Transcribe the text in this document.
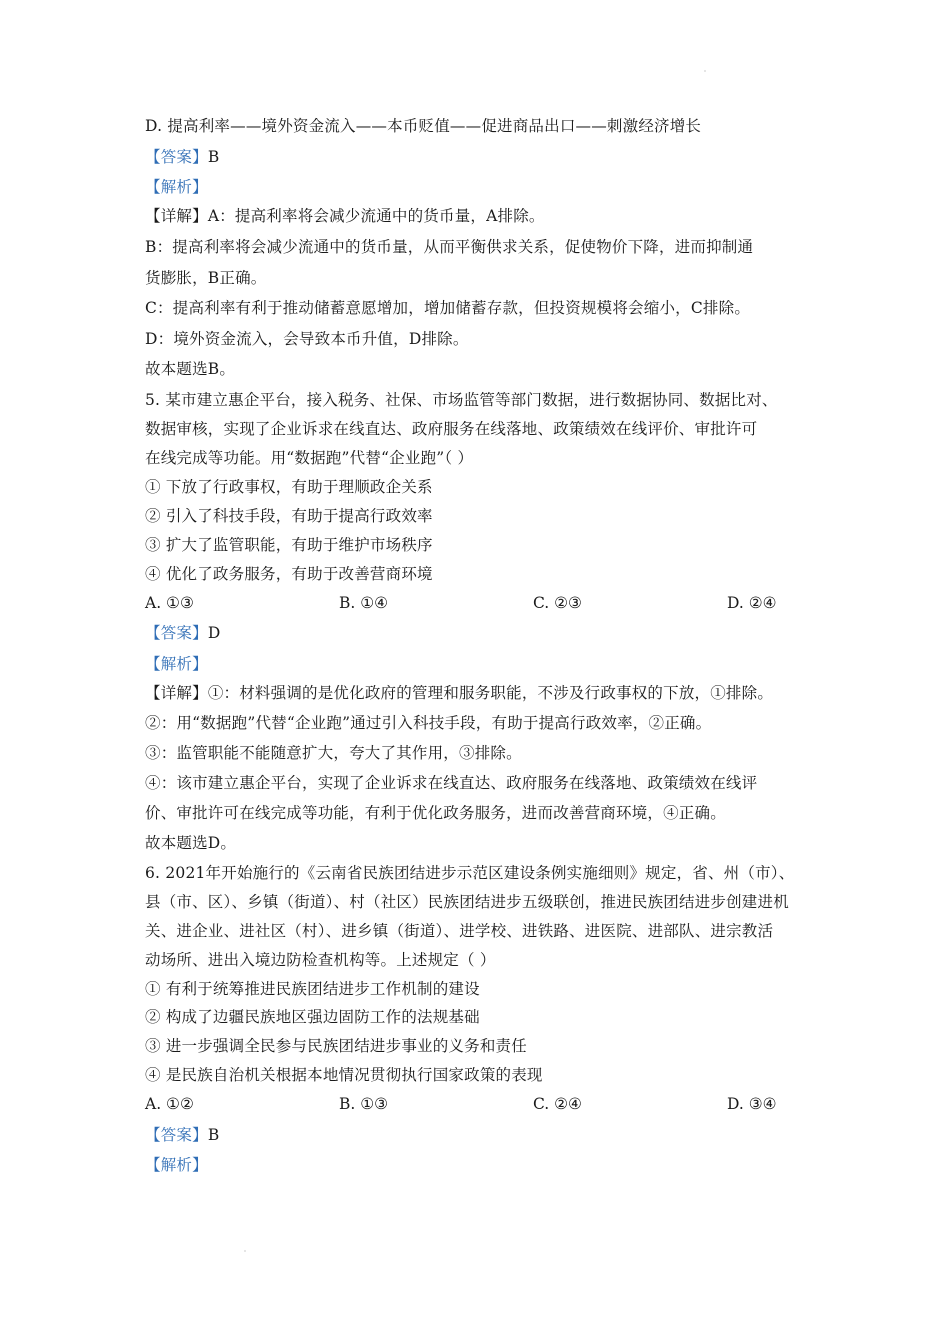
D. 提高利率——境外资金流入——本币贬值——促进商品出口——刺激经济增长
【答案】B
【解析】
【详解】A：提高利率将会减少流通中的货币量，A排除。
B：提高利率将会减少流通中的货币量，从而平衡供求关系，促使物价下降，进而抑制通
货膨胀，B正确。
C：提高利率有利于推动储蓄意愿增加，增加储蓄存款，但投资规模将会缩小，C排除。
D：境外资金流入，会导致本币升值，D排除。
故本题选B。
5. 某市建立惠企平台，接入税务、社保、市场监管等部门数据，进行数据协同、数据比对、
数据审核，实现了企业诉求在线直达、政府服务在线落地、政策绩效在线评价、审批许可
在线完成等功能。用“数据跑”代替“企业跑”（ ）
① 下放了行政事权，有助于理顺政企关系
② 引入了科技手段，有助于提高行政效率
③ 扩大了监管职能，有助于维护市场秩序
④ 优化了政务服务，有助于改善营商环境
A. ①③	B. ①④	C. ②③	D. ②④
【答案】D
【解析】
【详解】①：材料强调的是优化政府的管理和服务职能，不涉及行政事权的下放，①排除。
②：用“数据跑”代替“企业跑”通过引入科技手段，有助于提高行政效率，②正确。
③：监管职能不能随意扩大，夸大了其作用，③排除。
④：该市建立惠企平台，实现了企业诉求在线直达、政府服务在线落地、政策绩效在线评
价、审批许可在线完成等功能，有利于优化政务服务，进而改善营商环境，④正确。
故本题选D。
6. 2021年开始施行的《云南省民族团结进步示范区建设条例实施细则》规定，省、州（市）、
县（市、区）、乡镇（街道）、村（社区）民族团结进步五级联创，推进民族团结进步创建进机
关、进企业、进社区（村）、进乡镇（街道）、进学校、进铁路、进医院、进部队、进宗教活
动场所、进出入境边防检查机构等。上述规定（ ）
① 有利于统筹推进民族团结进步工作机制的建设
② 构成了边疆民族地区强边固防工作的法规基础
③ 进一步强调全民参与民族团结进步事业的义务和责任
④ 是民族自治机关根据本地情况贯彻执行国家政策的表现
A. ①②	B. ①③	C. ②④	D. ③④
【答案】B
【解析】
